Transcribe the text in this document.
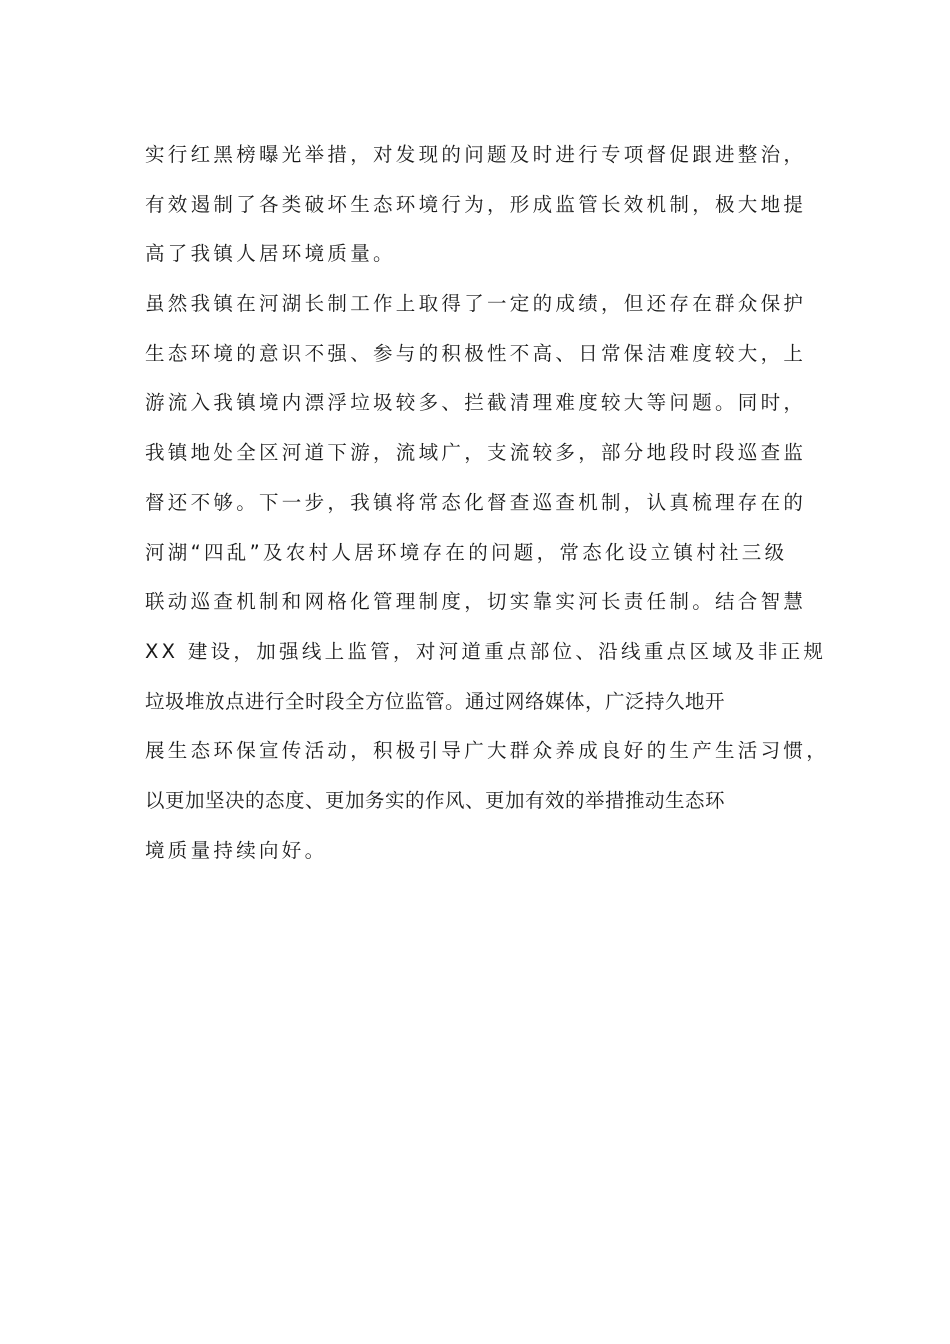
实行红黑榜曝光举措，对发现的问题及时进行专项督促跟进整治，
有效遏制了各类破坏生态环境行为，形成监管长效机制，极大地提
高了我镇人居环境质量。
虽然我镇在河湖长制工作上取得了一定的成绩，但还存在群众保护
生态环境的意识不强、参与的积极性不高、日常保洁难度较大，上
游流入我镇境内漂浮垃圾较多、拦截清理难度较大等问题。同时，
我镇地处全区河道下游，流域广，支流较多，部分地段时段巡查监
督还不够。下一步，我镇将常态化督查巡查机制，认真梳理存在的
河湖“四乱”及农村人居环境存在的问题，常态化设立镇村社三级
联动巡查机制和网格化管理制度，切实靠实河长责任制。结合智慧
XX 建设，加强线上监管，对河道重点部位、沿线重点区域及非正规
垃圾堆放点进行全时段全方位监管。通过网络媒体，广泛持久地开
展生态环保宣传活动，积极引导广大群众养成良好的生产生活习惯，
以更加坚决的态度、更加务实的作风、更加有效的举措推动生态环
境质量持续向好。
